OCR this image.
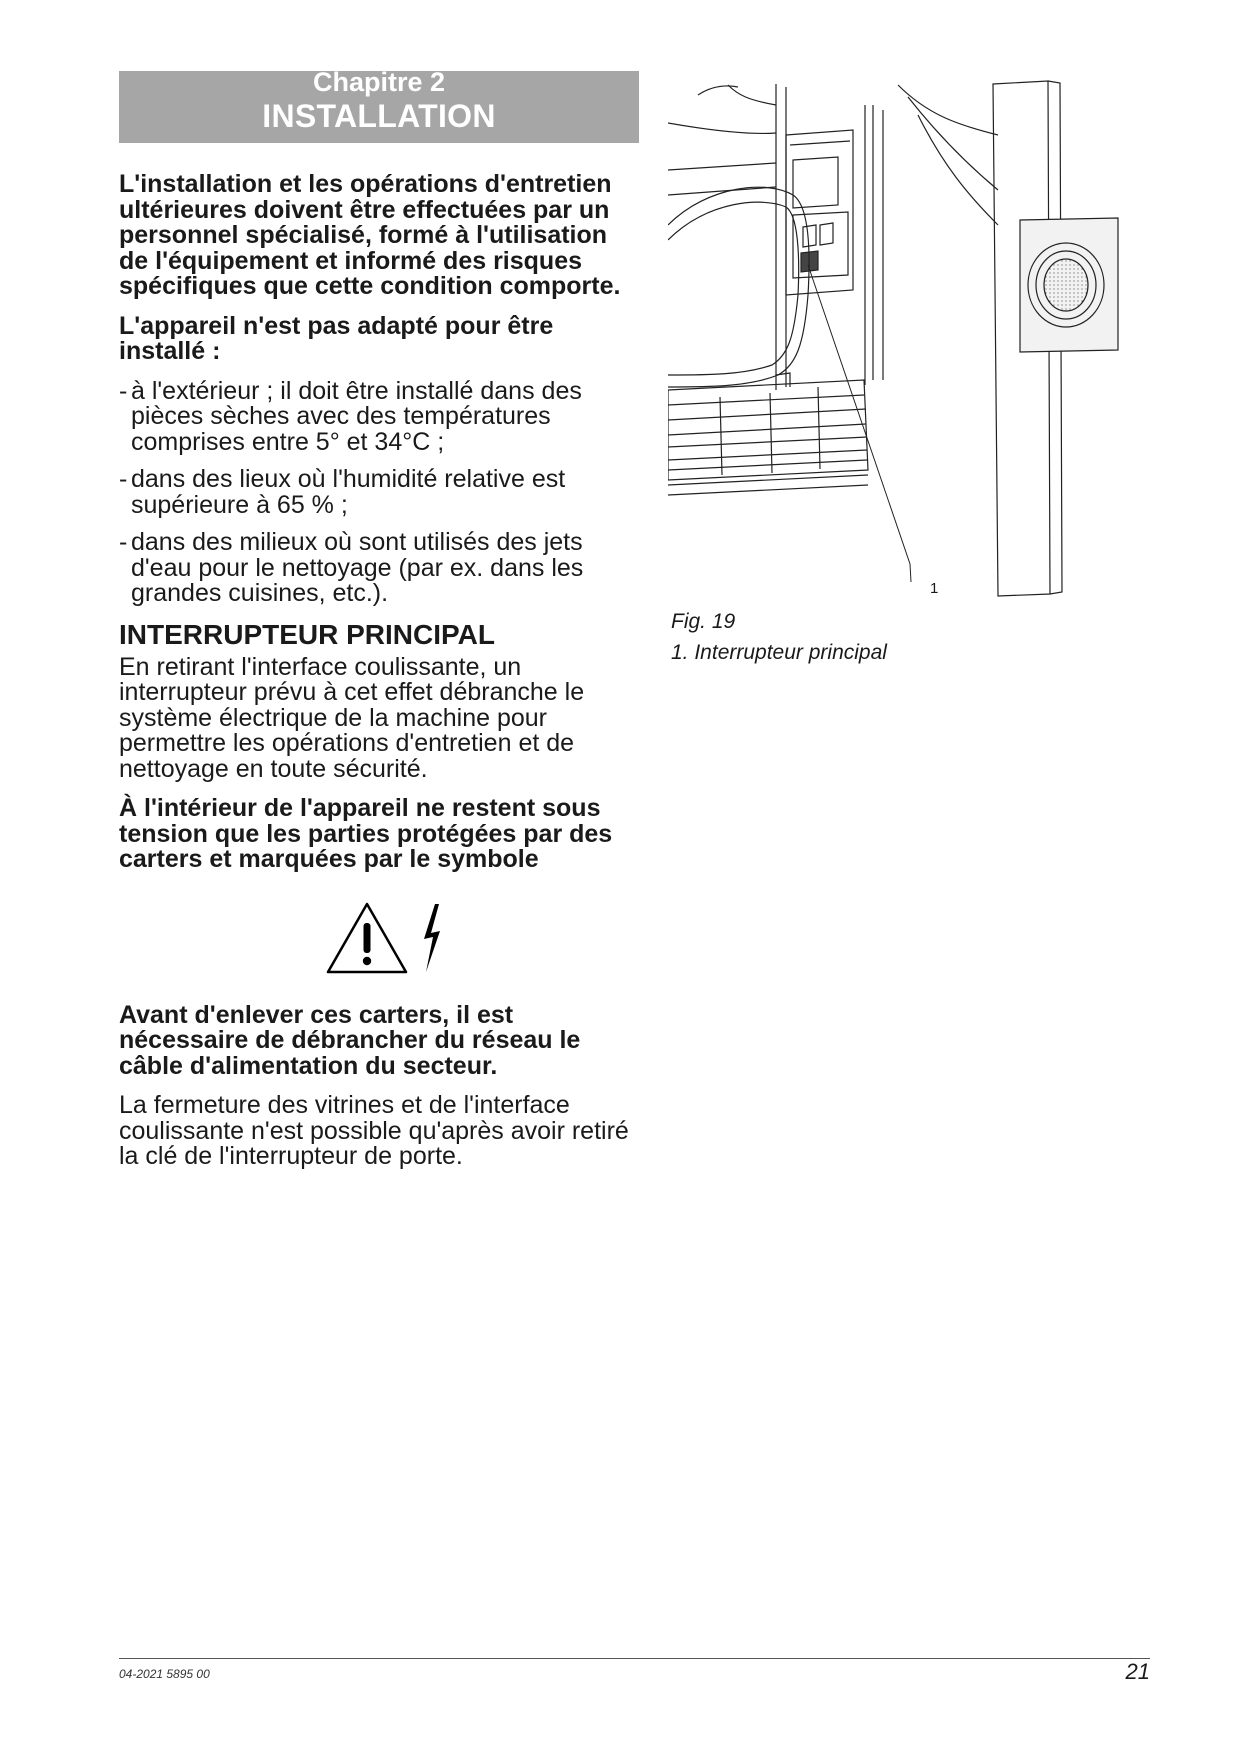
Chapitre 2
INSTALLATION

L'installation et les opérations d'entretien ultérieures doivent être effectuées par un personnel spécialisé, formé à l'utilisation de l'équipement et informé des risques spécifiques que cette condition comporte.

L'appareil n'est pas adapté pour être installé :

- à l'extérieur ; il doit être installé dans des pièces sèches avec des températures comprises entre 5° et 34°C ;
- dans des lieux où l'humidité relative est supérieure à 65 % ;
- dans des milieux où sont utilisés des jets d'eau pour le nettoyage (par ex. dans les grandes cuisines, etc.).
INTERRUPTEUR PRINCIPAL

En retirant l'interface coulissante, un interrupteur prévu à cet effet débranche le système électrique de la machine pour permettre les opérations d'entretien et de nettoyage en toute sécurité.

À l'intérieur de l'appareil ne restent sous tension que les parties protégées par des carters et marquées par le symbole

Avant d'enlever ces carters, il est nécessaire de débrancher du réseau le câble d'alimentation du secteur.

La fermeture des vitrines et de l'interface coulissante n'est possible qu'après avoir retiré la clé de l'interrupteur de porte.

1
Fig. 19
1. Interrupteur principal
04-2021 5895 00	21
